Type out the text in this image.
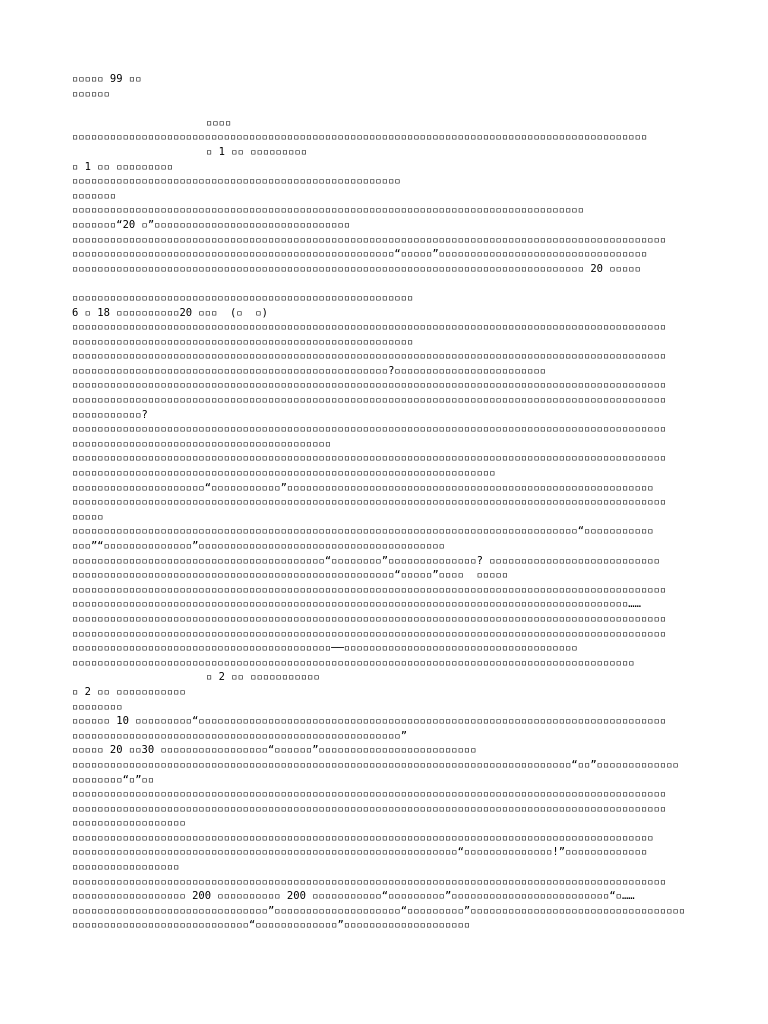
▫▫▫▫▫ 99 ▫▫
▫▫▫▫▫▫
▫▫▫▫
▫▫▫▫▫▫▫▫▫▫▫▫▫▫▫▫▫▫▫▫▫▫▫▫▫▫▫▫▫▫▫▫▫▫▫▫▫▫▫▫▫▫▫▫▫▫▫▫▫▫▫▫▫▫▫▫▫▫▫▫▫▫▫▫▫▫▫▫▫▫▫▫▫▫▫▫▫▫▫▫▫▫▫▫▫▫▫▫▫▫▫
▫ 1 ▫▫ ▫▫▫▫▫▫▫▫▫
▫ 1 ▫▫ ▫▫▫▫▫▫▫▫▫
▫▫▫▫▫▫▫▫▫▫▫▫▫▫▫▫▫▫▫▫▫▫▫▫▫▫▫▫▫▫▫▫▫▫▫▫▫▫▫▫▫▫▫▫▫▫▫▫▫▫▫▫
▫▫▫▫▫▫▫
▫▫▫▫▫▫▫▫▫▫▫▫▫▫▫▫▫▫▫▫▫▫▫▫▫▫▫▫▫▫▫▫▫▫▫▫▫▫▫▫▫▫▫▫▫▫▫▫▫▫▫▫▫▫▫▫▫▫▫▫▫▫▫▫▫▫▫▫▫▫▫▫▫▫▫▫▫▫▫▫▫
▫▫▫▫▫▫▫“20 ▫”▫▫▫▫▫▫▫▫▫▫▫▫▫▫▫▫▫▫▫▫▫▫▫▫▫▫▫▫▫▫▫
▫▫▫▫▫▫▫▫▫▫▫▫▫▫▫▫▫▫▫▫▫▫▫▫▫▫▫▫▫▫▫▫▫▫▫▫▫▫▫▫▫▫▫▫▫▫▫▫▫▫▫▫▫▫▫▫▫▫▫▫▫▫▫▫▫▫▫▫▫▫▫▫▫▫▫▫▫▫▫▫▫▫▫▫▫▫▫▫▫▫▫▫▫▫
▫▫▫▫▫▫▫▫▫▫▫▫▫▫▫▫▫▫▫▫▫▫▫▫▫▫▫▫▫▫▫▫▫▫▫▫▫▫▫▫▫▫▫▫▫▫▫▫▫▫▫“▫▫▫▫▫”▫▫▫▫▫▫▫▫▫▫▫▫▫▫▫▫▫▫▫▫▫▫▫▫▫▫▫▫▫▫▫▫▫
▫▫▫▫▫▫▫▫▫▫▫▫▫▫▫▫▫▫▫▫▫▫▫▫▫▫▫▫▫▫▫▫▫▫▫▫▫▫▫▫▫▫▫▫▫▫▫▫▫▫▫▫▫▫▫▫▫▫▫▫▫▫▫▫▫▫▫▫▫▫▫▫▫▫▫▫▫▫▫▫▫ 20 ▫▫▫▫▫
▫▫▫▫▫▫▫▫▫▫▫▫▫▫▫▫▫▫▫▫▫▫▫▫▫▫▫▫▫▫▫▫▫▫▫▫▫▫▫▫▫▫▫▫▫▫▫▫▫▫▫▫▫▫
6 ▫ 18 ▫▫▫▫▫▫▫▫▫▫20 ▫▫▫  (▫  ▫)
▫▫▫▫▫▫▫▫▫▫▫▫▫▫▫▫▫▫▫▫▫▫▫▫▫▫▫▫▫▫▫▫▫▫▫▫▫▫▫▫▫▫▫▫▫▫▫▫▫▫▫▫▫▫▫▫▫▫▫▫▫▫▫▫▫▫▫▫▫▫▫▫▫▫▫▫▫▫▫▫▫▫▫▫▫▫▫▫▫▫▫▫▫▫
▫▫▫▫▫▫▫▫▫▫▫▫▫▫▫▫▫▫▫▫▫▫▫▫▫▫▫▫▫▫▫▫▫▫▫▫▫▫▫▫▫▫▫▫▫▫▫▫▫▫▫▫▫▫
▫▫▫▫▫▫▫▫▫▫▫▫▫▫▫▫▫▫▫▫▫▫▫▫▫▫▫▫▫▫▫▫▫▫▫▫▫▫▫▫▫▫▫▫▫▫▫▫▫▫▫▫▫▫▫▫▫▫▫▫▫▫▫▫▫▫▫▫▫▫▫▫▫▫▫▫▫▫▫▫▫▫▫▫▫▫▫▫▫▫▫▫▫▫
▫▫▫▫▫▫▫▫▫▫▫▫▫▫▫▫▫▫▫▫▫▫▫▫▫▫▫▫▫▫▫▫▫▫▫▫▫▫▫▫▫▫▫▫▫▫▫▫▫▫?▫▫▫▫▫▫▫▫▫▫▫▫▫▫▫▫▫▫▫▫▫▫▫▫
▫▫▫▫▫▫▫▫▫▫▫▫▫▫▫▫▫▫▫▫▫▫▫▫▫▫▫▫▫▫▫▫▫▫▫▫▫▫▫▫▫▫▫▫▫▫▫▫▫▫▫▫▫▫▫▫▫▫▫▫▫▫▫▫▫▫▫▫▫▫▫▫▫▫▫▫▫▫▫▫▫▫▫▫▫▫▫▫▫▫▫▫▫▫
▫▫▫▫▫▫▫▫▫▫▫▫▫▫▫▫▫▫▫▫▫▫▫▫▫▫▫▫▫▫▫▫▫▫▫▫▫▫▫▫▫▫▫▫▫▫▫▫▫▫▫▫▫▫▫▫▫▫▫▫▫▫▫▫▫▫▫▫▫▫▫▫▫▫▫▫▫▫▫▫▫▫▫▫▫▫▫▫▫▫▫▫▫▫
▫▫▫▫▫▫▫▫▫▫▫?
▫▫▫▫▫▫▫▫▫▫▫▫▫▫▫▫▫▫▫▫▫▫▫▫▫▫▫▫▫▫▫▫▫▫▫▫▫▫▫▫▫▫▫▫▫▫▫▫▫▫▫▫▫▫▫▫▫▫▫▫▫▫▫▫▫▫▫▫▫▫▫▫▫▫▫▫▫▫▫▫▫▫▫▫▫▫▫▫▫▫▫▫▫▫
▫▫▫▫▫▫▫▫▫▫▫▫▫▫▫▫▫▫▫▫▫▫▫▫▫▫▫▫▫▫▫▫▫▫▫▫▫▫▫▫▫
▫▫▫▫▫▫▫▫▫▫▫▫▫▫▫▫▫▫▫▫▫▫▫▫▫▫▫▫▫▫▫▫▫▫▫▫▫▫▫▫▫▫▫▫▫▫▫▫▫▫▫▫▫▫▫▫▫▫▫▫▫▫▫▫▫▫▫▫▫▫▫▫▫▫▫▫▫▫▫▫▫▫▫▫▫▫▫▫▫▫▫▫▫▫
▫▫▫▫▫▫▫▫▫▫▫▫▫▫▫▫▫▫▫▫▫▫▫▫▫▫▫▫▫▫▫▫▫▫▫▫▫▫▫▫▫▫▫▫▫▫▫▫▫▫▫▫▫▫▫▫▫▫▫▫▫▫▫▫▫▫▫
▫▫▫▫▫▫▫▫▫▫▫▫▫▫▫▫▫▫▫▫▫“▫▫▫▫▫▫▫▫▫▫▫”▫▫▫▫▫▫▫▫▫▫▫▫▫▫▫▫▫▫▫▫▫▫▫▫▫▫▫▫▫▫▫▫▫▫▫▫▫▫▫▫▫▫▫▫▫▫▫▫▫▫▫▫▫▫▫▫▫▫
▫▫▫▫▫▫▫▫▫▫▫▫▫▫▫▫▫▫▫▫▫▫▫▫▫▫▫▫▫▫▫▫▫▫▫▫▫▫▫▫▫▫▫▫▫▫▫▫▫▫▫▫▫▫▫▫▫▫▫▫▫▫▫▫▫▫▫▫▫▫▫▫▫▫▫▫▫▫▫▫▫▫▫▫▫▫▫▫▫▫▫▫▫▫
▫▫▫▫▫
▫▫▫▫▫▫▫▫▫▫▫▫▫▫▫▫▫▫▫▫▫▫▫▫▫▫▫▫▫▫▫▫▫▫▫▫▫▫▫▫▫▫▫▫▫▫▫▫▫▫▫▫▫▫▫▫▫▫▫▫▫▫▫▫▫▫▫▫▫▫▫▫▫▫▫▫▫▫▫▫“▫▫▫▫▫▫▫▫▫▫▫
▫▫▫”“▫▫▫▫▫▫▫▫▫▫▫▫▫▫”▫▫▫▫▫▫▫▫▫▫▫▫▫▫▫▫▫▫▫▫▫▫▫▫▫▫▫▫▫▫▫▫▫▫▫▫▫▫▫
▫▫▫▫▫▫▫▫▫▫▫▫▫▫▫▫▫▫▫▫▫▫▫▫▫▫▫▫▫▫▫▫▫▫▫▫▫▫▫▫“▫▫▫▫▫▫▫▫”▫▫▫▫▫▫▫▫▫▫▫▫▫▫? ▫▫▫▫▫▫▫▫▫▫▫▫▫▫▫▫▫▫▫▫▫▫▫▫▫▫▫
▫▫▫▫▫▫▫▫▫▫▫▫▫▫▫▫▫▫▫▫▫▫▫▫▫▫▫▫▫▫▫▫▫▫▫▫▫▫▫▫▫▫▫▫▫▫▫▫▫▫▫“▫▫▫▫▫”▫▫▫▫  ▫▫▫▫▫
▫▫▫▫▫▫▫▫▫▫▫▫▫▫▫▫▫▫▫▫▫▫▫▫▫▫▫▫▫▫▫▫▫▫▫▫▫▫▫▫▫▫▫▫▫▫▫▫▫▫▫▫▫▫▫▫▫▫▫▫▫▫▫▫▫▫▫▫▫▫▫▫▫▫▫▫▫▫▫▫▫▫▫▫▫▫▫▫▫▫▫▫▫▫
▫▫▫▫▫▫▫▫▫▫▫▫▫▫▫▫▫▫▫▫▫▫▫▫▫▫▫▫▫▫▫▫▫▫▫▫▫▫▫▫▫▫▫▫▫▫▫▫▫▫▫▫▫▫▫▫▫▫▫▫▫▫▫▫▫▫▫▫▫▫▫▫▫▫▫▫▫▫▫▫▫▫▫▫▫▫▫▫……
▫▫▫▫▫▫▫▫▫▫▫▫▫▫▫▫▫▫▫▫▫▫▫▫▫▫▫▫▫▫▫▫▫▫▫▫▫▫▫▫▫▫▫▫▫▫▫▫▫▫▫▫▫▫▫▫▫▫▫▫▫▫▫▫▫▫▫▫▫▫▫▫▫▫▫▫▫▫▫▫▫▫▫▫▫▫▫▫▫▫▫▫▫▫
▫▫▫▫▫▫▫▫▫▫▫▫▫▫▫▫▫▫▫▫▫▫▫▫▫▫▫▫▫▫▫▫▫▫▫▫▫▫▫▫▫▫▫▫▫▫▫▫▫▫▫▫▫▫▫▫▫▫▫▫▫▫▫▫▫▫▫▫▫▫▫▫▫▫▫▫▫▫▫▫▫▫▫▫▫▫▫▫▫▫▫▫▫▫
▫▫▫▫▫▫▫▫▫▫▫▫▫▫▫▫▫▫▫▫▫▫▫▫▫▫▫▫▫▫▫▫▫▫▫▫▫▫▫▫▫──▫▫▫▫▫▫▫▫▫▫▫▫▫▫▫▫▫▫▫▫▫▫▫▫▫▫▫▫▫▫▫▫▫▫▫▫▫
▫▫▫▫▫▫▫▫▫▫▫▫▫▫▫▫▫▫▫▫▫▫▫▫▫▫▫▫▫▫▫▫▫▫▫▫▫▫▫▫▫▫▫▫▫▫▫▫▫▫▫▫▫▫▫▫▫▫▫▫▫▫▫▫▫▫▫▫▫▫▫▫▫▫▫▫▫▫▫▫▫▫▫▫▫▫▫▫▫
▫ 2 ▫▫ ▫▫▫▫▫▫▫▫▫▫▫
▫ 2 ▫▫ ▫▫▫▫▫▫▫▫▫▫▫
▫▫▫▫▫▫▫▫
▫▫▫▫▫▫ 10 ▫▫▫▫▫▫▫▫▫“▫▫▫▫▫▫▫▫▫▫▫▫▫▫▫▫▫▫▫▫▫▫▫▫▫▫▫▫▫▫▫▫▫▫▫▫▫▫▫▫▫▫▫▫▫▫▫▫▫▫▫▫▫▫▫▫▫▫▫▫▫▫▫▫▫▫▫▫▫▫▫▫▫▫
▫▫▫▫▫▫▫▫▫▫▫▫▫▫▫▫▫▫▫▫▫▫▫▫▫▫▫▫▫▫▫▫▫▫▫▫▫▫▫▫▫▫▫▫▫▫▫▫▫▫▫▫”
▫▫▫▫▫ 20 ▫▫30 ▫▫▫▫▫▫▫▫▫▫▫▫▫▫▫▫▫“▫▫▫▫▫▫”▫▫▫▫▫▫▫▫▫▫▫▫▫▫▫▫▫▫▫▫▫▫▫▫▫
▫▫▫▫▫▫▫▫▫▫▫▫▫▫▫▫▫▫▫▫▫▫▫▫▫▫▫▫▫▫▫▫▫▫▫▫▫▫▫▫▫▫▫▫▫▫▫▫▫▫▫▫▫▫▫▫▫▫▫▫▫▫▫▫▫▫▫▫▫▫▫▫▫▫▫▫▫▫▫“▫▫”▫▫▫▫▫▫▫▫▫▫▫▫▫
▫▫▫▫▫▫▫▫“▫”▫▫
▫▫▫▫▫▫▫▫▫▫▫▫▫▫▫▫▫▫▫▫▫▫▫▫▫▫▫▫▫▫▫▫▫▫▫▫▫▫▫▫▫▫▫▫▫▫▫▫▫▫▫▫▫▫▫▫▫▫▫▫▫▫▫▫▫▫▫▫▫▫▫▫▫▫▫▫▫▫▫▫▫▫▫▫▫▫▫▫▫▫▫▫▫▫
▫▫▫▫▫▫▫▫▫▫▫▫▫▫▫▫▫▫▫▫▫▫▫▫▫▫▫▫▫▫▫▫▫▫▫▫▫▫▫▫▫▫▫▫▫▫▫▫▫▫▫▫▫▫▫▫▫▫▫▫▫▫▫▫▫▫▫▫▫▫▫▫▫▫▫▫▫▫▫▫▫▫▫▫▫▫▫▫▫▫▫▫▫▫
▫▫▫▫▫▫▫▫▫▫▫▫▫▫▫▫▫▫
▫▫▫▫▫▫▫▫▫▫▫▫▫▫▫▫▫▫▫▫▫▫▫▫▫▫▫▫▫▫▫▫▫▫▫▫▫▫▫▫▫▫▫▫▫▫▫▫▫▫▫▫▫▫▫▫▫▫▫▫▫▫▫▫▫▫▫▫▫▫▫▫▫▫▫▫▫▫▫▫▫▫▫▫▫▫▫▫▫▫▫▫
▫▫▫▫▫▫▫▫▫▫▫▫▫▫▫▫▫▫▫▫▫▫▫▫▫▫▫▫▫▫▫▫▫▫▫▫▫▫▫▫▫▫▫▫▫▫▫▫▫▫▫▫▫▫▫▫▫▫▫▫▫“▫▫▫▫▫▫▫▫▫▫▫▫▫▫!”▫▫▫▫▫▫▫▫▫▫▫▫▫
▫▫▫▫▫▫▫▫▫▫▫▫▫▫▫▫▫
▫▫▫▫▫▫▫▫▫▫▫▫▫▫▫▫▫▫▫▫▫▫▫▫▫▫▫▫▫▫▫▫▫▫▫▫▫▫▫▫▫▫▫▫▫▫▫▫▫▫▫▫▫▫▫▫▫▫▫▫▫▫▫▫▫▫▫▫▫▫▫▫▫▫▫▫▫▫▫▫▫▫▫▫▫▫▫▫▫▫▫▫▫▫
▫▫▫▫▫▫▫▫▫▫▫▫▫▫▫▫▫▫ 200 ▫▫▫▫▫▫▫▫▫▫ 200 ▫▫▫▫▫▫▫▫▫▫▫“▫▫▫▫▫▫▫▫▫”▫▫▫▫▫▫▫▫▫▫▫▫▫▫▫▫▫▫▫▫▫▫▫▫▫“▫……
▫▫▫▫▫▫▫▫▫▫▫▫▫▫▫▫▫▫▫▫▫▫▫▫▫▫▫▫▫▫▫”▫▫▫▫▫▫▫▫▫▫▫▫▫▫▫▫▫▫▫▫“▫▫▫▫▫▫▫▫▫”▫▫▫▫▫▫▫▫▫▫▫▫▫▫▫▫▫▫▫▫▫▫▫▫▫▫▫▫▫▫▫▫▫▫
▫▫▫▫▫▫▫▫▫▫▫▫▫▫▫▫▫▫▫▫▫▫▫▫▫▫▫▫“▫▫▫▫▫▫▫▫▫▫▫▫▫”▫▫▫▫▫▫▫▫▫▫▫▫▫▫▫▫▫▫▫▫
